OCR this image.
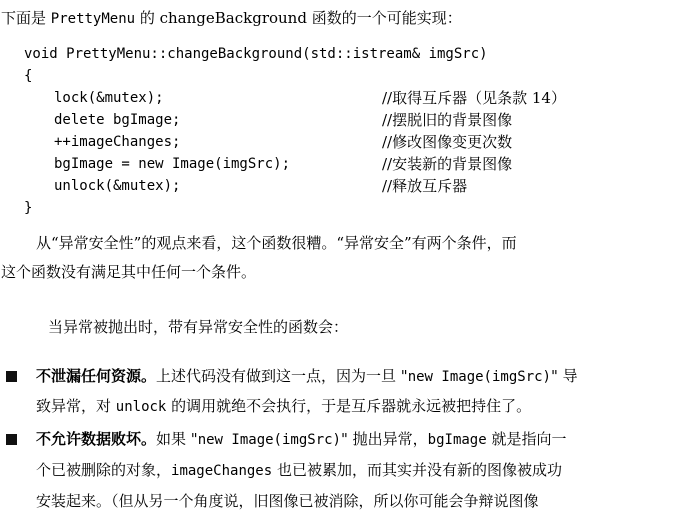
下面是 PrettyMenu 的 changeBackground 函数的一个可能实现：
void PrettyMenu::changeBackground(std::istream& imgSrc)
{
lock(&mutex);	//取得互斥器（见条款 14）
delete bgImage;	//摆脱旧的背景图像
++imageChanges;	//修改图像变更次数
bgImage = new Image(imgSrc);	//安装新的背景图像
unlock(&mutex);	//释放互斥器
}
从“异常安全性”的观点来看，这个函数很糟。“异常安全”有两个条件，而
这个函数没有满足其中任何一个条件。
当异常被抛出时，带有异常安全性的函数会：
不泄漏任何资源。上述代码没有做到这一点，因为一旦 "new Image(imgSrc)" 导
致异常，对 unlock 的调用就绝不会执行，于是互斥器就永远被把持住了。
不允许数据败坏。如果 "new Image(imgSrc)" 抛出异常，bgImage 就是指向一
个已被删除的对象，imageChanges 也已被累加，而其实并没有新的图像被成功
安装起来。（但从另一个角度说，旧图像已被消除，所以你可能会争辩说图像
